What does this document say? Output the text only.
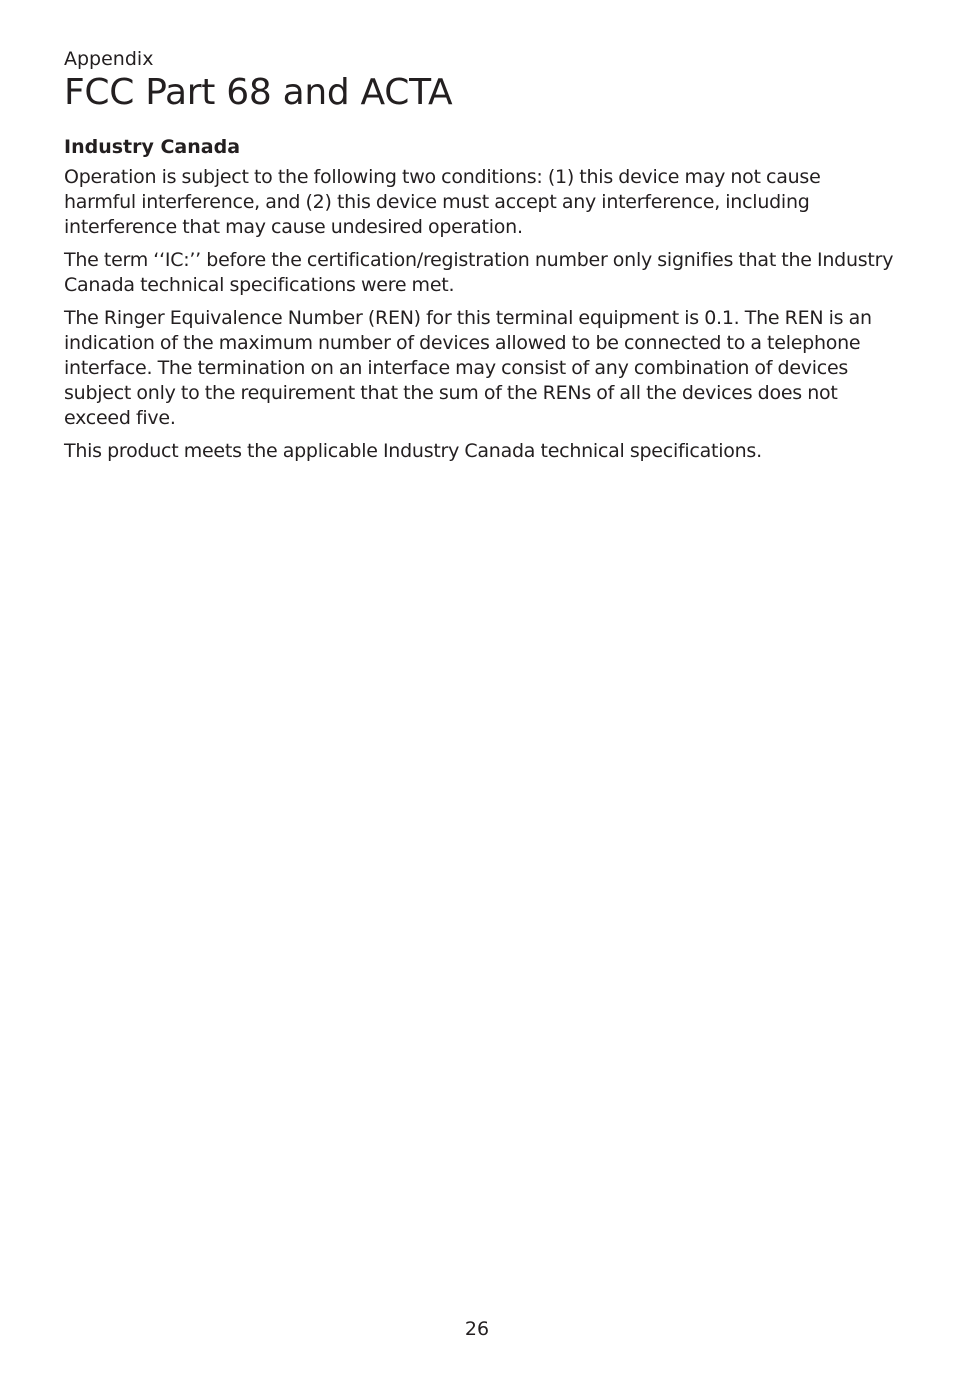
Appendix
FCC Part 68 and ACTA
Industry Canada

Operation is subject to the following two conditions: (1) this device may not cause harmful interference, and (2) this device must accept any interference, including interference that may cause undesired operation.

The term ‘‘IC:’’ before the certification/registration number only signifies that the Industry Canada technical specifications were met.

The Ringer Equivalence Number (REN) for this terminal equipment is 0.1. The REN is an indication of the maximum number of devices allowed to be connected to a telephone interface. The termination on an interface may consist of any combination of devices subject only to the requirement that the sum of the RENs of all the devices does not exceed five.

This product meets the applicable Industry Canada technical specifications.

26
